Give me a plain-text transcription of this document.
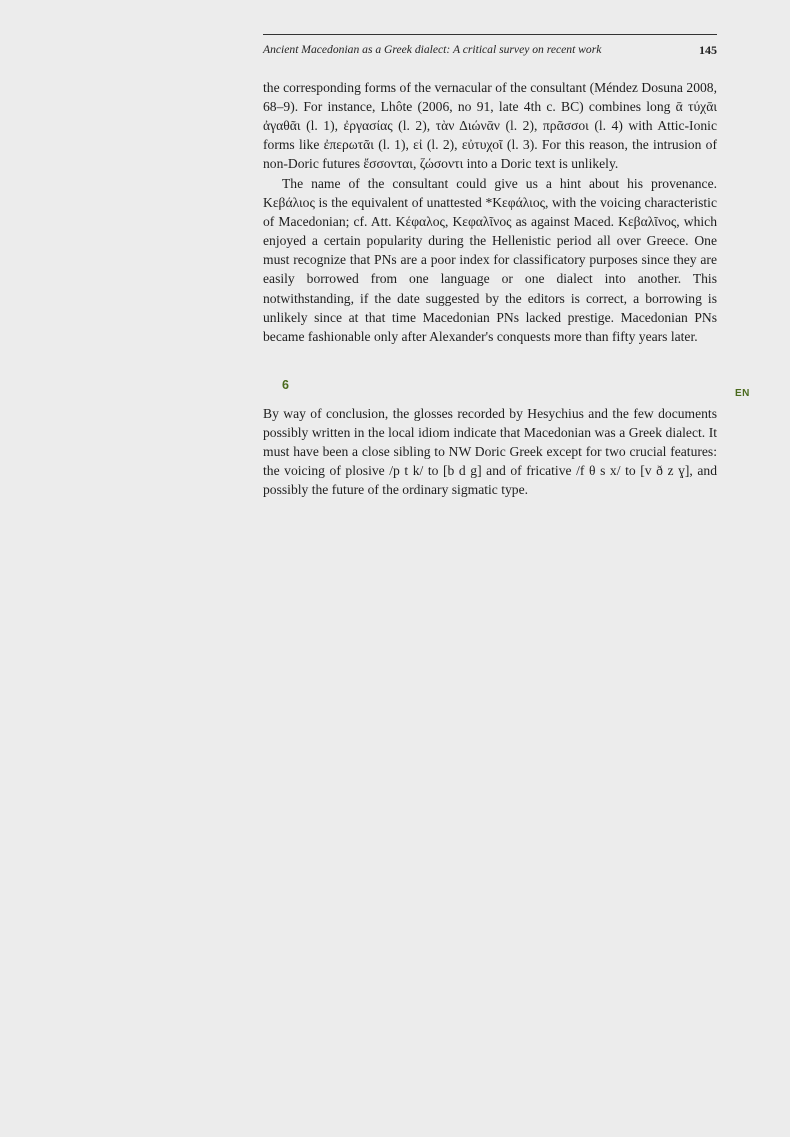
Ancient Macedonian as a Greek dialect: A critical survey on recent work	145

the corresponding forms of the vernacular of the consultant (Méndez Dosuna 2008, 68–9). For instance, Lhôte (2006, no 91, late 4th c. BC) combines long ᾱ τύχᾱι ἀγαθᾶι (l. 1), ἐργασίας (l. 2), τὰν Διώνᾱν (l. 2), πρᾶσσοι (l. 4) with Attic-Ionic forms like ἐπερωτᾶι (l. 1), εἰ (l. 2), εὐτυχοῖ (l. 3). For this reason, the intrusion of non-Doric futures ἔσσονται, ζώσοντι into a Doric text is unlikely.

The name of the consultant could give us a hint about his provenance. Κεβάλιος is the equivalent of unattested *Κεφάλιος, with the voicing characteristic of Macedonian; cf. Att. Κέφαλος, Κεφαλῖνος as against Maced. Κεβαλῖνος, which enjoyed a certain popularity during the Hellenistic period all over Greece. One must recognize that PNs are a poor index for classificatory purposes since they are easily borrowed from one language or one dialect into another. This notwithstanding, if the date suggested by the editors is correct, a borrowing is unlikely since at that time Macedonian PNs lacked prestige. Macedonian PNs became fashionable only after Alexander's conquests more than fifty years later.

6
EN

By way of conclusion, the glosses recorded by Hesychius and the few documents possibly written in the local idiom indicate that Macedonian was a Greek dialect. It must have been a close sibling to NW Doric Greek except for two crucial features: the voicing of plosive /p t k/ to [b d g] and of fricative /f θ s x/ to [v ð z ɣ], and possibly the future of the ordinary sigmatic type.
